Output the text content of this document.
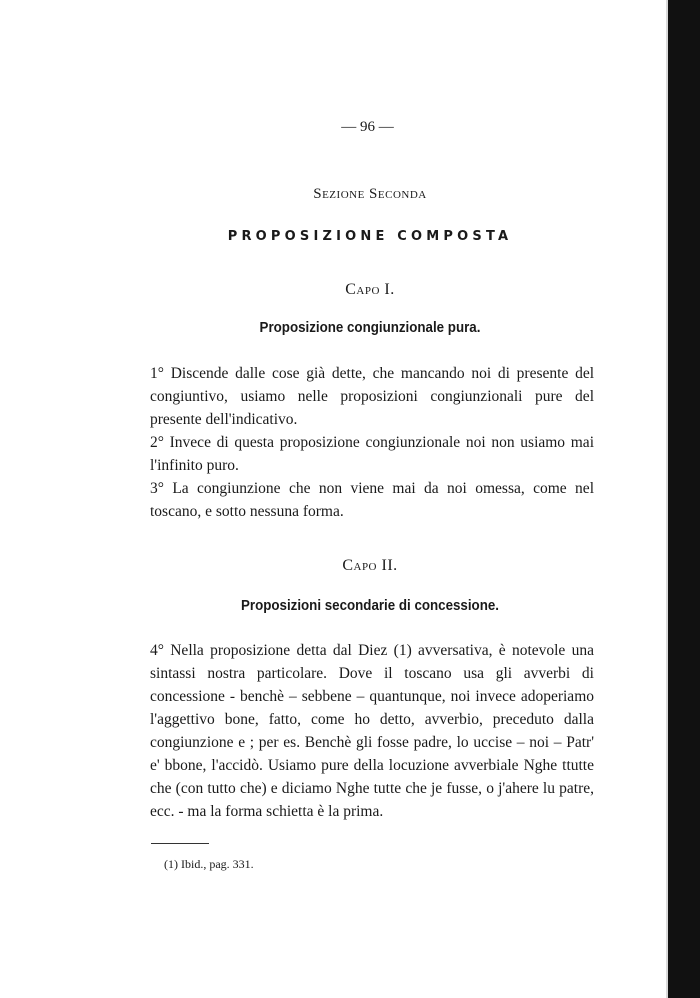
— 96 —
Sezione Seconda
PROPOSIZIONE COMPOSTA
Capo I.
Proposizione congiunzionale pura.
1° Discende dalle cose già dette, che mancando noi di presente del congiuntivo, usiamo nelle proposizioni congiunzionali pure del presente dell'indicativo.
2° Invece di questa proposizione congiunzionale noi non usiamo mai l'infinito puro.
3° La congiunzione che non viene mai da noi omessa, come nel toscano, e sotto nessuna forma.
Capo II.
Proposizioni secondarie di concessione.
4° Nella proposizione detta dal Diez (1) avversativa, è notevole una sintassi nostra particolare. Dove il toscano usa gli avverbi di concessione - benchè – sebbene – quantunque, noi invece adoperiamo l'aggettivo bone, fatto, come ho detto, avverbio, preceduto dalla congiunzione e ; per es. Benchè gli fosse padre, lo uccise – noi – Patr' e' bbone, l'accidò. Usiamo pure della locuzione avverbiale Nghe ttutte che (con tutto che) e diciamo Nghe tutte che je fusse, o j'ahere lu patre, ecc. - ma la forma schietta è la prima.
(1) Ibid., pag. 331.
